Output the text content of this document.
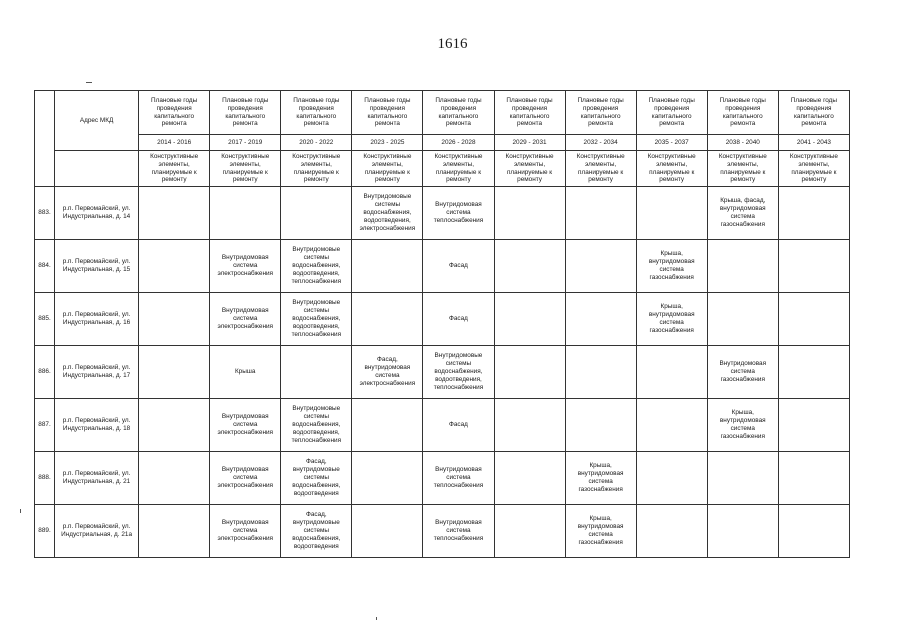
1616
	Адрес МКД	Плановые годы проведения капитального ремонта	Плановые годы проведения капитального ремонта	Плановые годы проведения капитального ремонта	Плановые годы проведения капитального ремонта	Плановые годы проведения капитального ремонта	Плановые годы проведения капитального ремонта	Плановые годы проведения капитального ремонта	Плановые годы проведения капитального ремонта	Плановые годы проведения капитального ремонта	Плановые годы проведения капитального ремонта
		2014 - 2016	2017 - 2019	2020 - 2022	2023 - 2025	2026 - 2028	2029 - 2031	2032 - 2034	2035 - 2037	2038 - 2040	2041 - 2043
		Конструктивные элементы, планируемые к ремонту	Конструктивные элементы, планируемые к ремонту	Конструктивные элементы, планируемые к ремонту	Конструктивные элементы, планируемые к ремонту	Конструктивные элементы, планируемые к ремонту	Конструктивные элементы, планируемые к ремонту	Конструктивные элементы, планируемые к ремонту	Конструктивные элементы, планируемые к ремонту	Конструктивные элементы, планируемые к ремонту	Конструктивные элементы, планируемые к ремонту
883.	р.п. Первомайский, ул. Индустриальная, д. 14				Внутридомовые системы водоснабжения, водоотведения, электроснабжения	Внутридомовая система теплоснабжения				Крыша, фасад, внутридомовая система газоснабжения	
884.	р.п. Первомайский, ул. Индустриальная, д. 15		Внутридомовая система электроснабжения	Внутридомовые системы водоснабжения, водоотведения, теплоснабжения		Фасад			Крыша, внутридомовая система газоснабжения		
885.	р.п. Первомайский, ул. Индустриальная, д. 16		Внутридомовая система электроснабжения	Внутридомовые системы водоснабжения, водоотведения, теплоснабжения		Фасад			Крыша, внутридомовая система газоснабжения		
886.	р.п. Первомайский, ул. Индустриальная, д. 17		Крыша		Фасад, внутридомовая система электроснабжения	Внутридомовые системы водоснабжения, водоотведения, теплоснабжения				Внутридомовая система газоснабжения	
887.	р.п. Первомайский, ул. Индустриальная, д. 18		Внутридомовая система электроснабжения	Внутридомовые системы водоснабжения, водоотведения, теплоснабжения		Фасад				Крыша, внутридомовая система газоснабжения	
888.	р.п. Первомайский, ул. Индустриальная, д. 21		Внутридомовая система электроснабжения	Фасад, внутридомовые системы водоснабжения, водоотведения		Внутридомовая система теплоснабжения		Крыша, внутридомовая система газоснабжения			
889.	р.п. Первомайский, ул. Индустриальная, д. 21а		Внутридомовая система электроснабжения	Фасад, внутридомовые системы водоснабжения, водоотведения		Внутридомовая система теплоснабжения		Крыша, внутридомовая система газоснабжения			
